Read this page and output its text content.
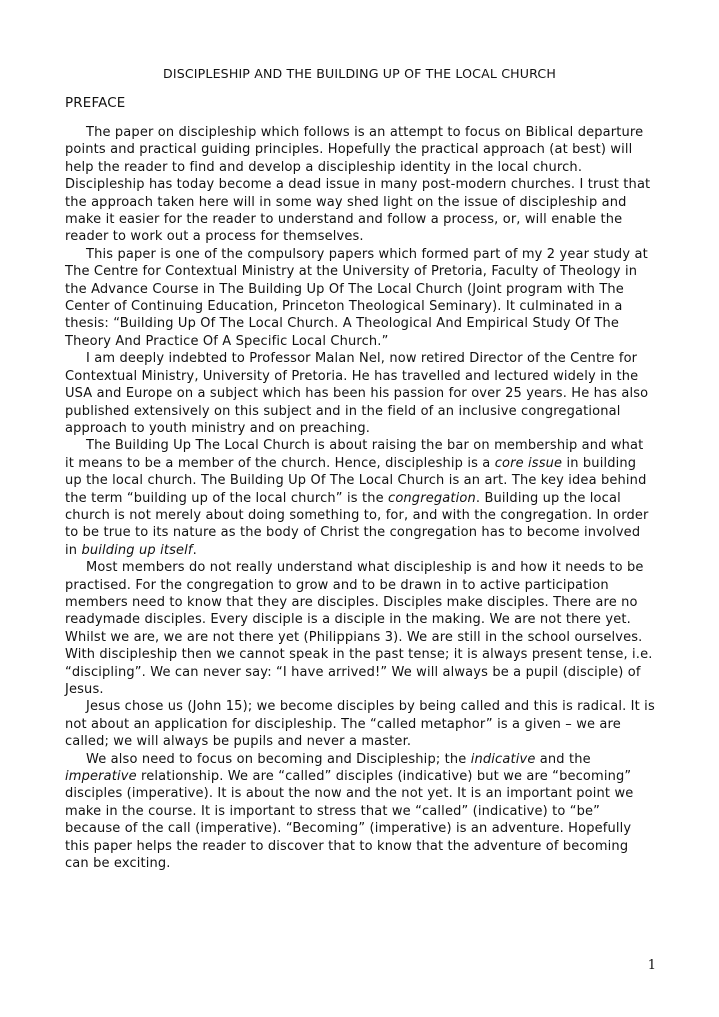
DISCIPLESHIP AND THE BUILDING UP OF THE LOCAL CHURCH
PREFACE

The paper on discipleship which follows is an attempt to focus on Biblical departure points and practical guiding principles. Hopefully the practical approach (at best) will help the reader to find and develop a discipleship identity in the local church. Discipleship has today become a dead issue in many post-modern churches. I trust that the approach taken here will in some way shed light on the issue of discipleship and make it easier for the reader to understand and follow a process, or, will enable the reader to work out a process for themselves.

This paper is one of the compulsory papers which formed part of my 2 year study at The Centre for Contextual Ministry at the University of Pretoria, Faculty of Theology in the Advance Course in The Building Up Of The Local Church (Joint program with The Center of Continuing Education, Princeton Theological Seminary). It culminated in a thesis: “Building Up Of The Local Church. A Theological And Empirical Study Of The Theory And Practice Of A Specific Local Church.”

I am deeply indebted to Professor Malan Nel, now retired Director of the Centre for Contextual Ministry, University of Pretoria. He has travelled and lectured widely in the USA and Europe on a subject which has been his passion for over 25 years. He has also published extensively on this subject and in the field of an inclusive congregational approach to youth ministry and on preaching.

The Building Up The Local Church is about raising the bar on membership and what it means to be a member of the church. Hence, discipleship is a core issue in building up the local church. The Building Up Of The Local Church is an art. The key idea behind the term “building up of the local church” is the congregation. Building up the local church is not merely about doing something to, for, and with the congregation. In order to be true to its nature as the body of Christ the congregation has to become involved in building up itself.

Most members do not really understand what discipleship is and how it needs to be practised. For the congregation to grow and to be drawn in to active participation members need to know that they are disciples. Disciples make disciples. There are no readymade disciples. Every disciple is a disciple in the making. We are not there yet. Whilst we are, we are not there yet (Philippians 3). We are still in the school ourselves. With discipleship then we cannot speak in the past tense; it is always present tense, i.e. “discipling”. We can never say: “I have arrived!” We will always be a pupil (disciple) of Jesus.

Jesus chose us (John 15); we become disciples by being called and this is radical. It is not about an application for discipleship. The “called metaphor” is a given – we are called; we will always be pupils and never a master.

We also need to focus on becoming and Discipleship; the indicative and the imperative relationship. We are “called” disciples (indicative) but we are “becoming” disciples (imperative). It is about the now and the not yet. It is an important point we make in the course. It is important to stress that we “called” (indicative) to “be” because of the call (imperative). “Becoming” (imperative) is an adventure. Hopefully this paper helps the reader to discover that to know that the adventure of becoming can be exciting.

1
